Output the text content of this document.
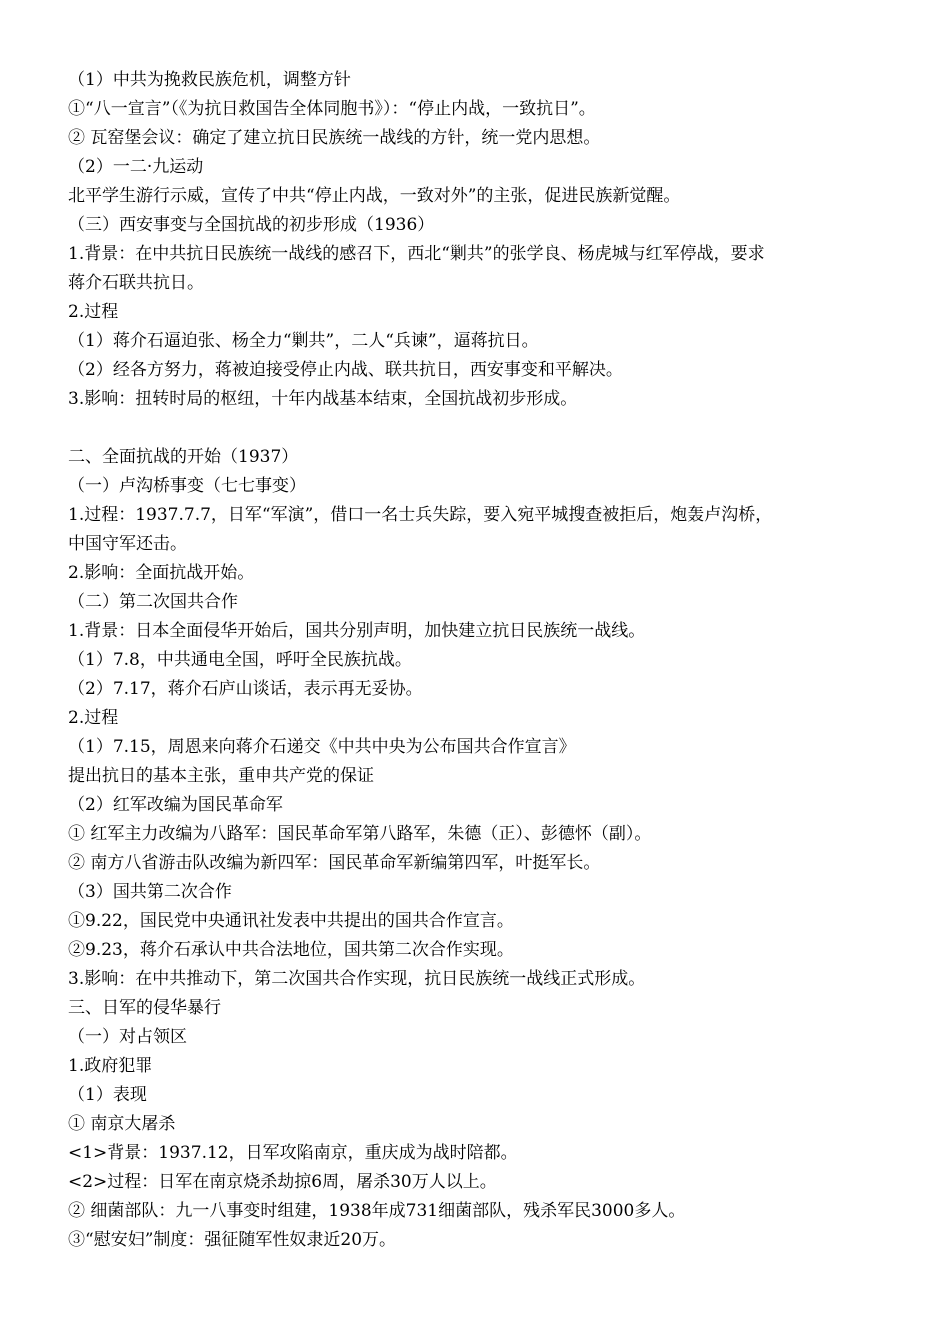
（1）中共为挽救民族危机，调整方针
①“八一宣言”（《为抗日救国告全体同胞书》）：“停止内战，一致抗日”。
② 瓦窑堡会议：确定了建立抗日民族统一战线的方针，统一党内思想。
（2）一二·九运动
北平学生游行示威，宣传了中共“停止内战，一致对外”的主张，促进民族新觉醒。
（三）西安事变与全国抗战的初步形成（1936）
1.背景：在中共抗日民族统一战线的感召下，西北“剿共”的张学良、杨虎城与红军停战，要求
蒋介石联共抗日。
2.过程
（1）蒋介石逼迫张、杨全力“剿共”，二人“兵谏”，逼蒋抗日。
（2）经各方努力，蒋被迫接受停止内战、联共抗日，西安事变和平解决。
3.影响：扭转时局的枢纽，十年内战基本结束，全国抗战初步形成。
二、全面抗战的开始（1937）
（一）卢沟桥事变（七七事变）
1.过程：1937.7.7，日军“军演”，借口一名士兵失踪，要入宛平城搜查被拒后，炮轰卢沟桥，
中国守军还击。
2.影响：全面抗战开始。
（二）第二次国共合作
1.背景：日本全面侵华开始后，国共分别声明，加快建立抗日民族统一战线。
（1）7.8，中共通电全国，呼吁全民族抗战。
（2）7.17，蒋介石庐山谈话，表示再无妥协。
2.过程
（1）7.15，周恩来向蒋介石递交《中共中央为公布国共合作宣言》
提出抗日的基本主张，重申共产党的保证
（2）红军改编为国民革命军
① 红军主力改编为八路军：国民革命军第八路军，朱德（正）、彭德怀（副）。
② 南方八省游击队改编为新四军：国民革命军新编第四军，叶挺军长。
（3）国共第二次合作
①9.22，国民党中央通讯社发表中共提出的国共合作宣言。
②9.23，蒋介石承认中共合法地位，国共第二次合作实现。
3.影响：在中共推动下，第二次国共合作实现，抗日民族统一战线正式形成。
三、日军的侵华暴行
（一）对占领区
1.政府犯罪
（1）表现
① 南京大屠杀
<1>背景：1937.12，日军攻陷南京，重庆成为战时陪都。
<2>过程：日军在南京烧杀劫掠6周，屠杀30万人以上。
② 细菌部队：九一八事变时组建，1938年成731细菌部队，残杀军民3000多人。
③“慰安妇”制度：强征随军性奴隶近20万。
